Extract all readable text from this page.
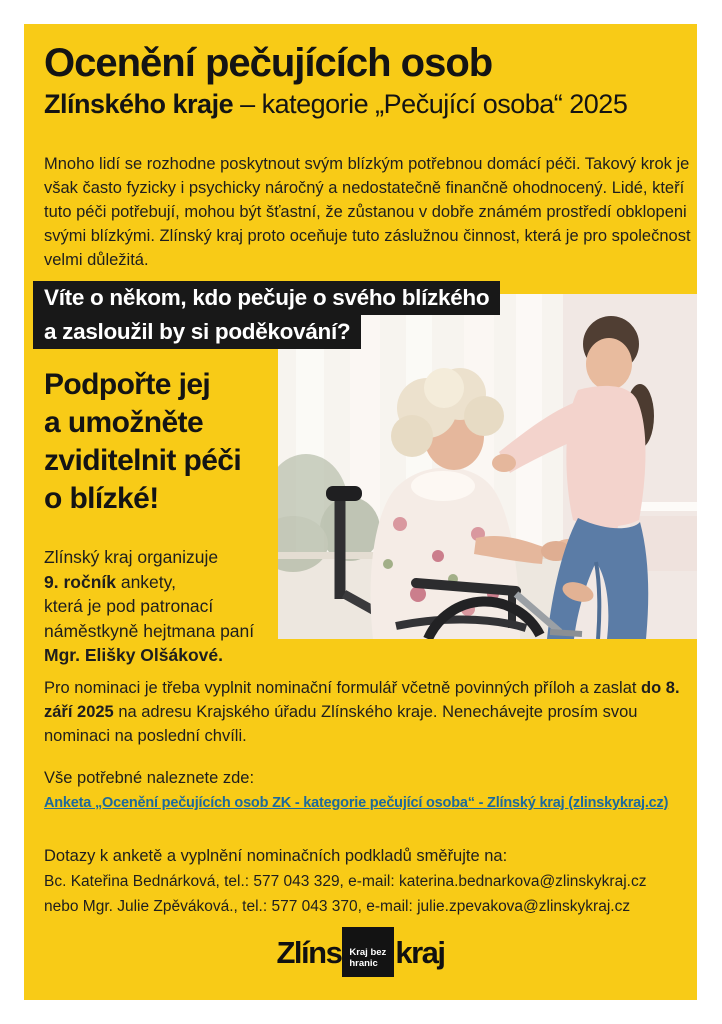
Ocenění pečujících osob
Zlínského kraje – kategorie „Pečující osoba“ 2025
Mnoho lidí se rozhodne poskytnout svým blízkým potřebnou domácí péči. Takový krok je však často fyzicky i psychicky náročný a nedostatečně finančně ohodnocený. Lidé, kteří tuto péči potřebují, mohou být šťastní, že zůstanou v dobře známém prostředí obklopeni svými blízkými. Zlínský kraj proto oceňuje tuto záslužnou činnost, která je pro společnost velmi důležitá.
Víte o někom, kdo pečuje o svého blízkého
a zasloužil by si poděkování?
Podpořte jej
a umožněte
zviditelnit péči
o blízké!
Zlínský kraj organizuje
9. ročník ankety,
která je pod patronací
náměstkyně hejtmana paní
Mgr. Elišky Olšákové.
Pro nominaci je třeba vyplnit nominační formulář včetně povinných příloh a zaslat do 8. září 2025 na adresu Krajského úřadu Zlínského kraje. Nenechávejte prosím svou nominaci na poslední chvíli.
Vše potřebné naleznete zde:
Anketa „Ocenění pečujících osob ZK - kategorie pečující osoba“ - Zlínský kraj (zlinskykraj.cz)
Dotazy k anketě a vyplnění nominačních podkladů směřujte na:
Bc. Kateřina Bednárková, tel.: 577 043 329, e-mail: katerina.bednarkova@zlinskykraj.cz
nebo Mgr. Julie Zpěváková., tel.: 577 043 370, e-mail: julie.zpevakova@zlinskykraj.cz
Zlíns Kraj bez
hranic kraj
